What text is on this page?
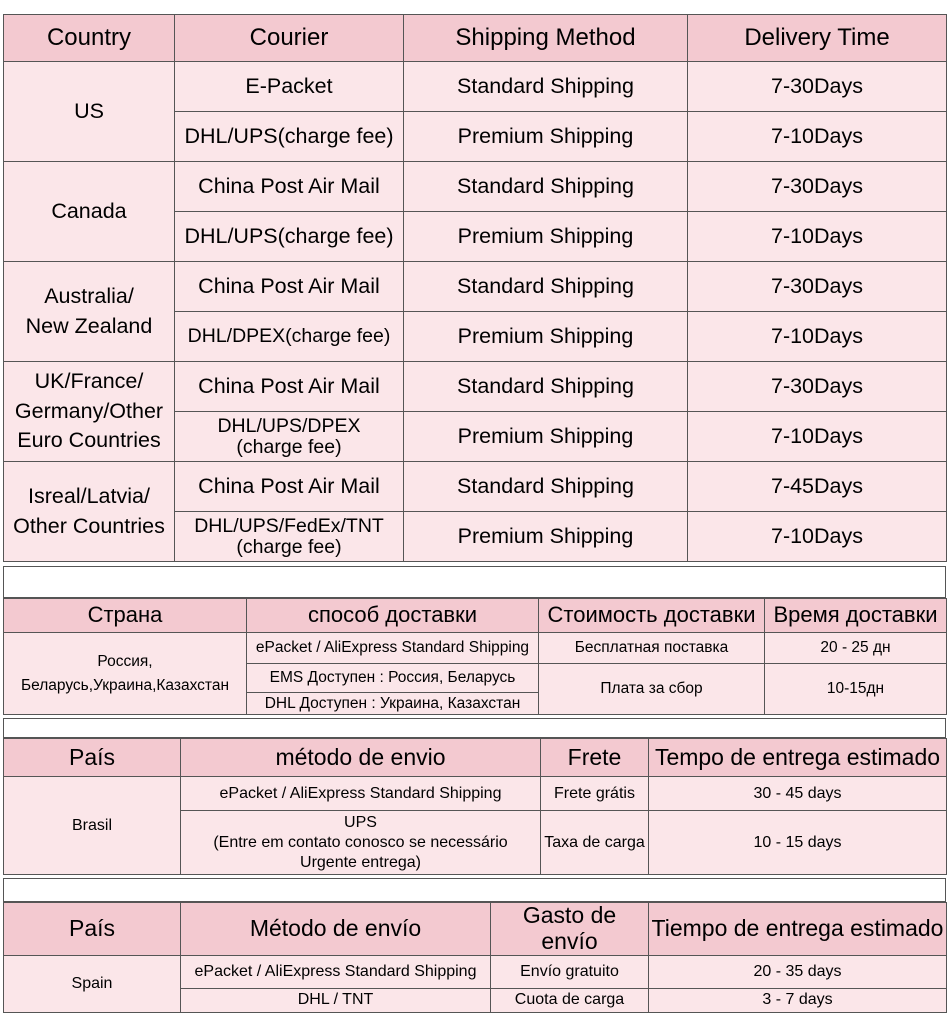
Country	Courier	Shipping Method	Delivery Time

US	E-Packet	Standard Shipping	7-30Days

	DHL/UPS(charge fee)	Premium Shipping	7-10Days

Canada	China Post Air Mail	Standard Shipping	7-30Days

	DHL/UPS(charge fee)	Premium Shipping	7-10Days

Australia/
New Zealand	China Post Air Mail	Standard Shipping	7-30Days

	DHL/DPEX(charge fee)	Premium Shipping	7-10Days

UK/France/
Germany/Other
Euro Countries	China Post Air Mail	Standard Shipping	7-30Days

	DHL/UPS/DPEX
(charge fee)	Premium Shipping	7-10Days

Isreal/Latvia/
Other Countries	China Post Air Mail	Standard Shipping	7-45Days

	DHL/UPS/FedEx/TNT
(charge fee)	Premium Shipping	7-10Days
Страна	способ доставки	Стоимость доставки	Время доставки

Россия,
Беларусь,Украина,Казахстан	ePacket / AliExpress Standard Shipping	Бесплатная поставка	20 - 25 дн
	EMS Доступен : Россия, Беларусь	Плата за сбор	10-15дн
	DHL Доступен : Украина, Казахстан		
País	método de envio	Frete	Tempo de entrega estimado
Brasil	ePacket / AliExpress Standard Shipping	Frete grátis	30 - 45 days

	UPS
(Entre em contato conosco se necessário
Urgente entrega)	Taxa de carga	10 - 15 days
País	Método de envío	Gasto de envío	Tiempo de entrega estimado
Spain	ePacket / AliExpress Standard Shipping	Envío gratuito	20 - 35 days
	DHL / TNT	Cuota de carga	3 - 7 days
